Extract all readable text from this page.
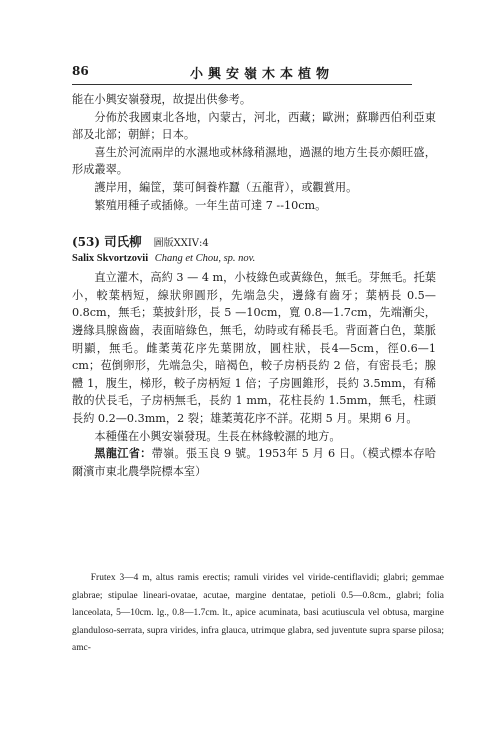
86	小興安嶺木本植物

能在小興安嶺發現，故提出供參考。

分佈於我國東北各地，內蒙古，河北，西藏；歐洲；蘇聯西伯利亞東部及北部；朝鮮；日本。

喜生於河流兩岸的水濕地或林緣稍濕地，過濕的地方生長亦頗旺盛，形成叢翠。

護岸用，編筐，葉可飼養柞蠶（五龍背），或觀賞用。

繁殖用種子或插條。一年生苗可達 7 --10cm。

(53) 司氏柳 圖版ⅩⅩⅠⅤ:4
Salix Skvortzovii Chang et Chou, sp. nov.

直立灌木，高約 3 — 4 m，小枝綠色或黃綠色，無毛。芽無毛。托葉小，較葉柄短，線狀卵圓形，先端急尖，邊緣有齒牙；葉柄長 0.5—0.8cm，無毛；葉披針形，長 5 —10cm，寬 0.8—1.7cm，先端漸尖，邊緣具腺齒齒，表面暗綠色，無毛，幼時或有稀長毛。背面蒼白色，葉脈明顯，無毛。雌葇荑花序先葉開放，圓柱狀，長4—5cm，徑0.6—1 cm；苞倒卵形，先端急尖，暗褐色，較子房柄長約 2 倍，有密長毛；腺體 1，腹生，梯形，較子房柄短 1 倍；子房圓錐形，長約 3.5mm，有稀散的伏長毛，子房柄無毛，長約 1 mm，花柱長約 1.5mm，無毛，柱頭長約 0.2—0.3mm，2 裂；雄葇荑花序不詳。花期 5 月。果期 6 月。

本種僅在小興安嶺發現。生長在林緣較濕的地方。

黑龍江省：帶嶺。張玉良 9 號。1953年 5 月 6 日。（模式標本存哈爾濱市東北農學院標本室）

Frutex 3—4 m, altus ramis erectis; ramuli virides vel viride-centiflavidi; glabri; gemmae glabrae; stipulae lineari-ovatae, acutae, margine dentatae, petioli 0.5—0.8cm., glabri; folia lanceolata, 5—10cm. lg., 0.8—1.7cm. lt., apice acuminata, basi acutiuscula vel obtusa, margine glanduloso-serrata, supra virides, infra glauca, utrimque glabra, sed juventute supra sparse pilosa; amc-
